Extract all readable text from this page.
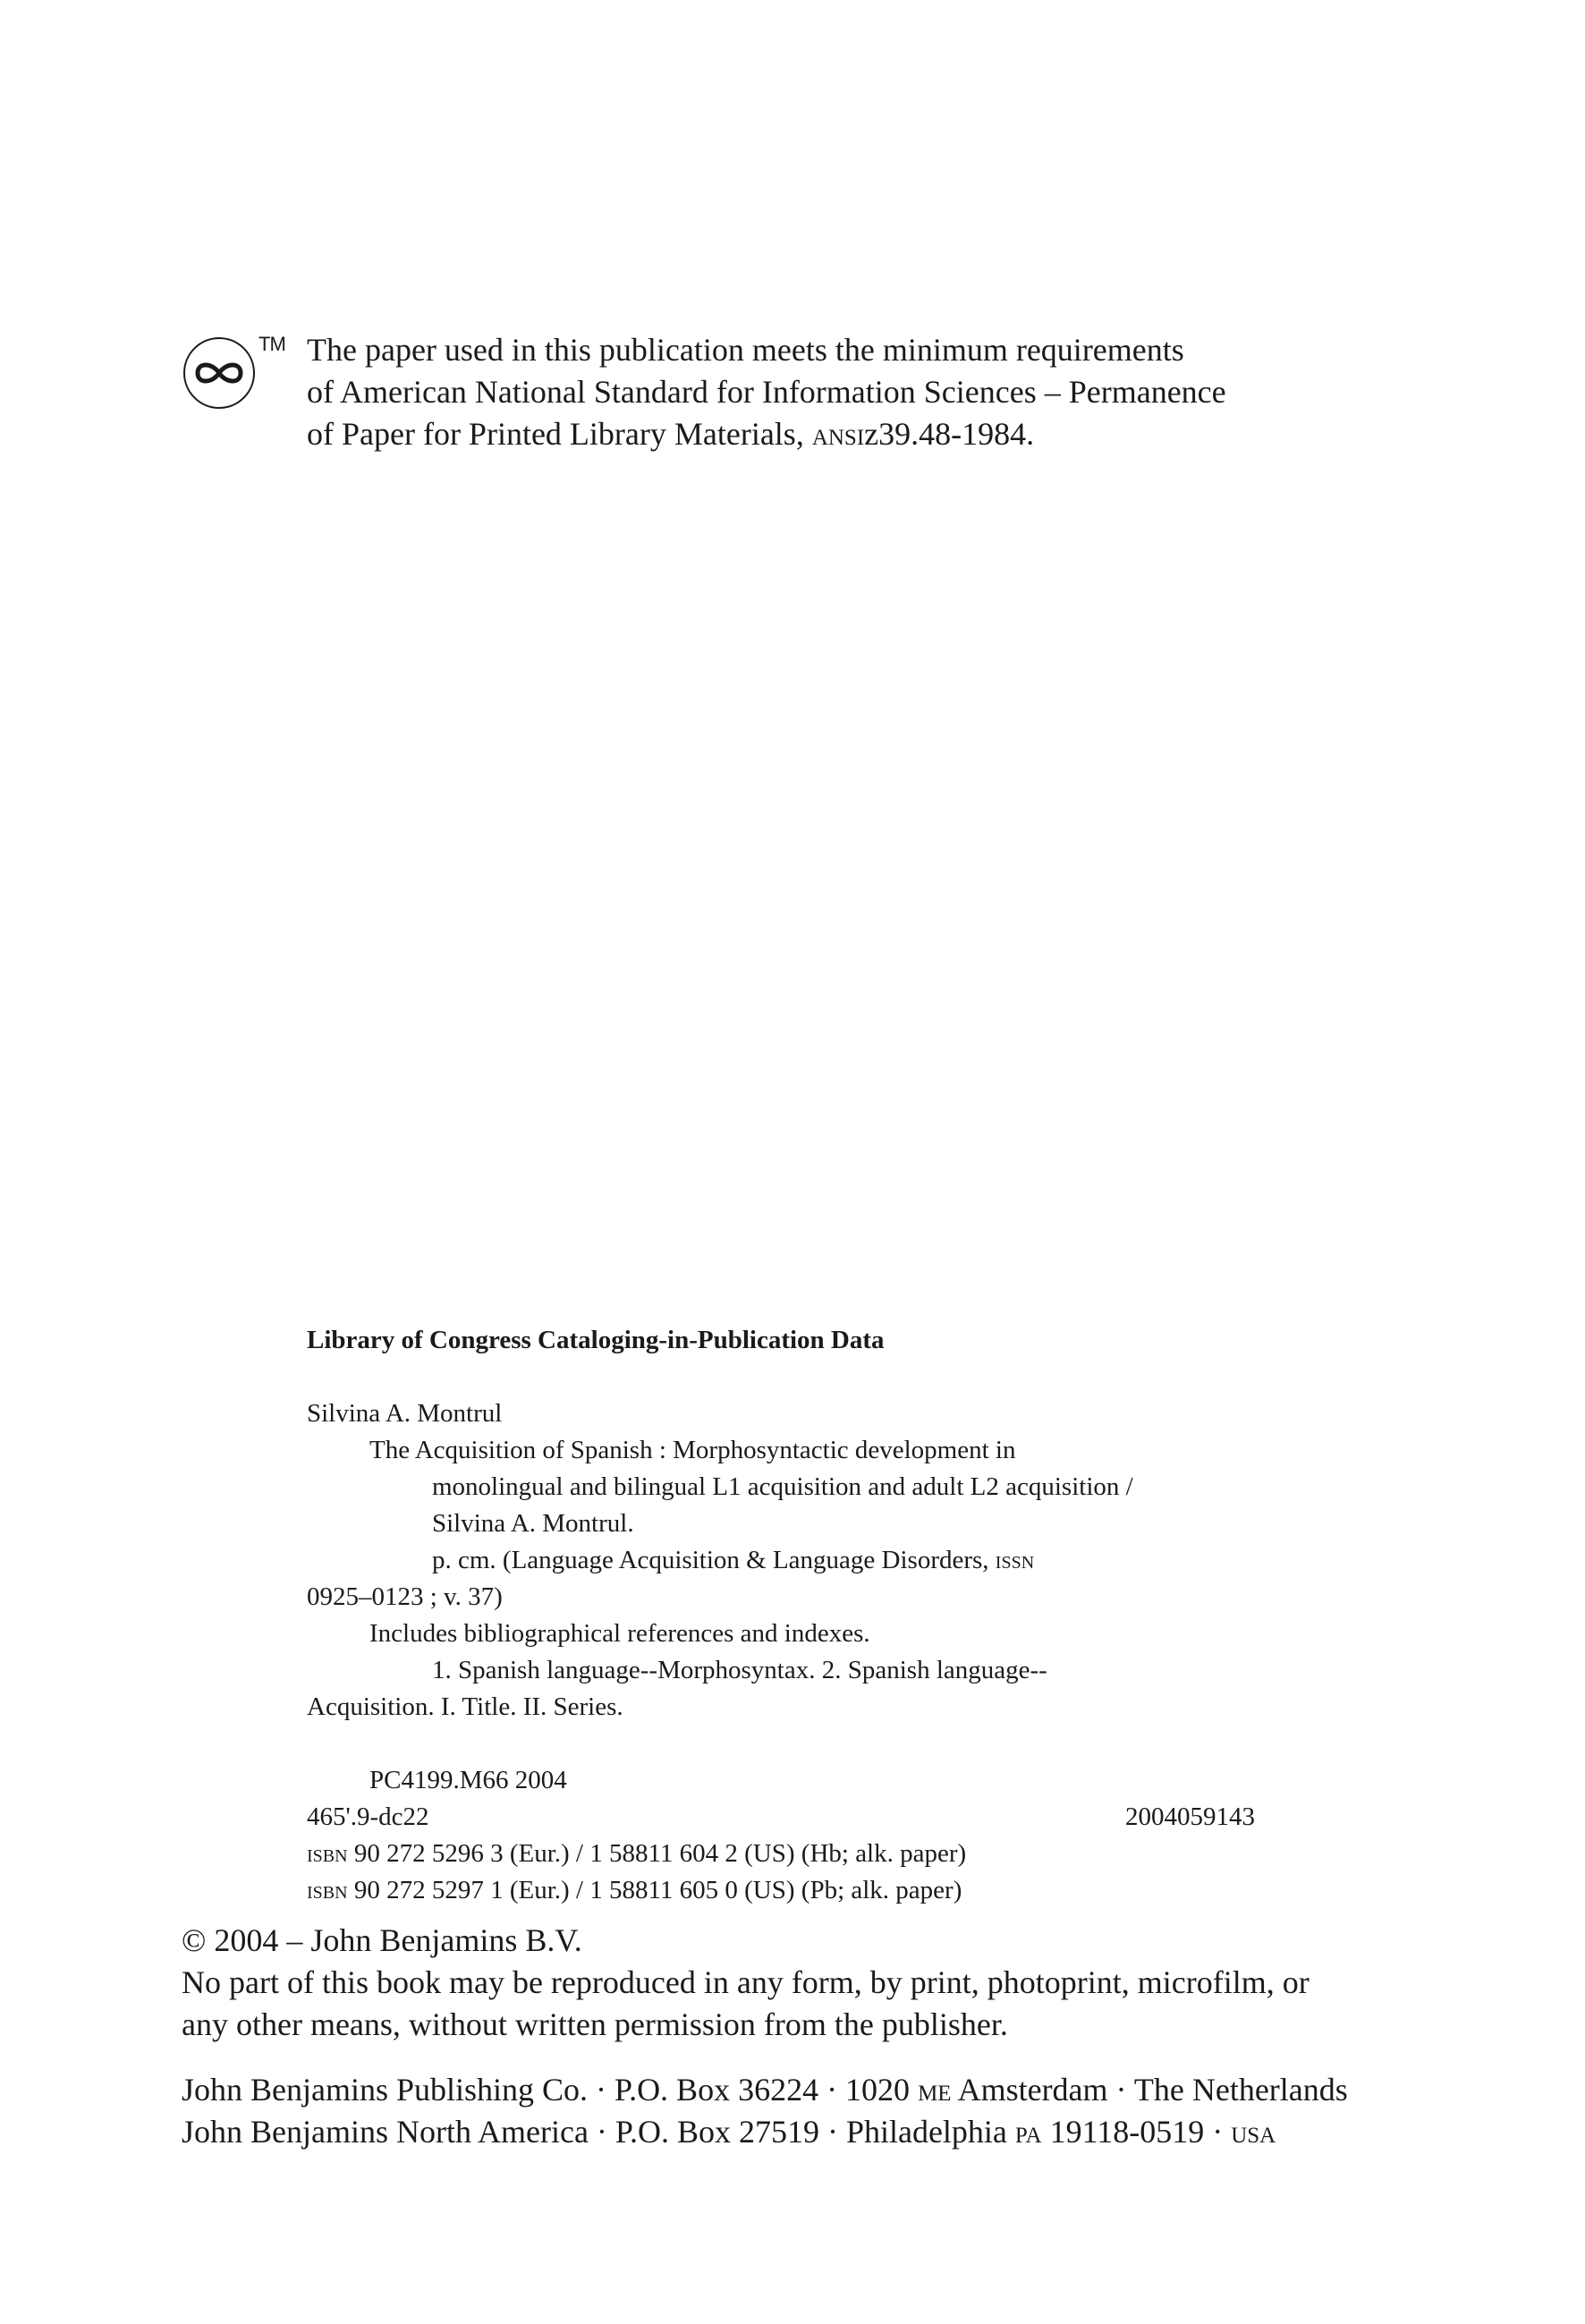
TM The paper used in this publication meets the minimum requirements
of American National Standard for Information Sciences – Permanence
of Paper for Printed Library Materials, ansiz39.48-1984.
Library of Congress Cataloging-in-Publication Data
Silvina A. Montrul
The Acquisition of Spanish : Morphosyntactic development in
monolingual and bilingual L1 acquisition and adult L2 acquisition /
Silvina A. Montrul.
p. cm. (Language Acquisition & Language Disorders, issn
0925–0123 ; v. 37)
Includes bibliographical references and indexes.
1. Spanish language--Morphosyntax. 2. Spanish language--
Acquisition. I. Title. II. Series.
PC4199.M66 2004
465'.9-dc22	2004059143
isbn 90 272 5296 3 (Eur.) / 1 58811 604 2 (US) (Hb; alk. paper)
isbn 90 272 5297 1 (Eur.) / 1 58811 605 0 (US) (Pb; alk. paper)
© 2004 – John Benjamins B.V.
No part of this book may be reproduced in any form, by print, photoprint, microfilm, or
any other means, without written permission from the publisher.
John Benjamins Publishing Co. · P.O. Box 36224 · 1020 me Amsterdam · The Netherlands
John Benjamins North America · P.O. Box 27519 · Philadelphia pa 19118-0519 · usa
